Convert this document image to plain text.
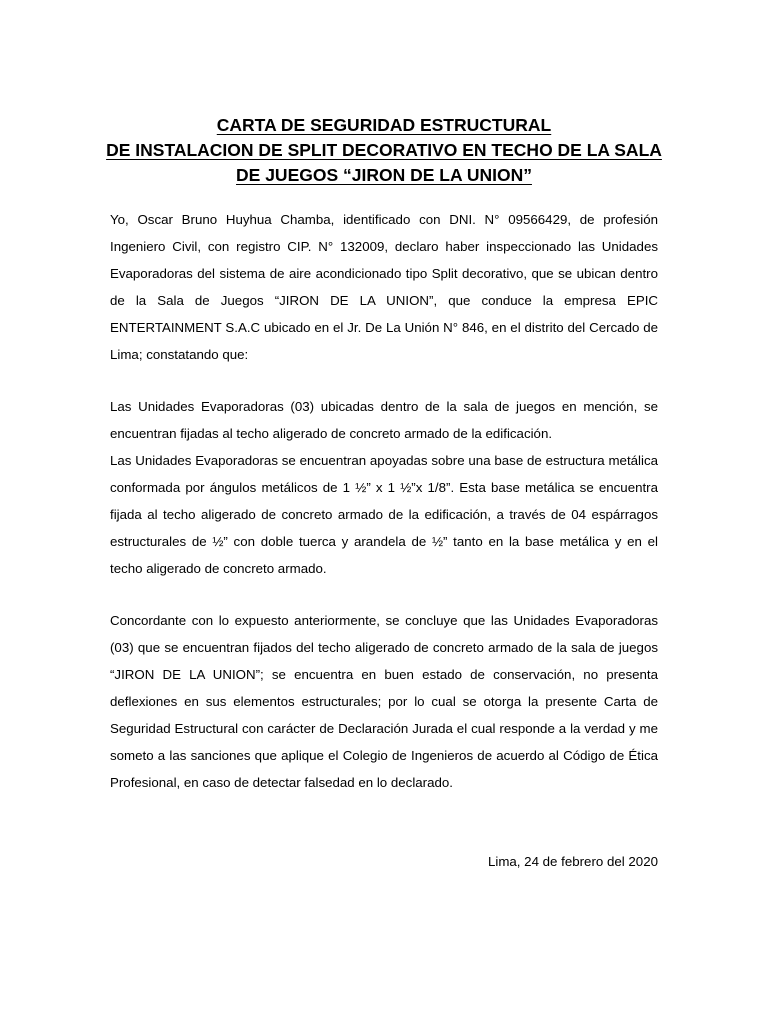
CARTA DE SEGURIDAD ESTRUCTURAL
DE INSTALACION DE SPLIT DECORATIVO EN TECHO DE LA SALA
DE JUEGOS “JIRON DE LA UNION”

Yo, Oscar Bruno Huyhua Chamba, identificado con DNI. N° 09566429, de profesión Ingeniero Civil, con registro CIP. N° 132009, declaro haber inspeccionado las Unidades Evaporadoras del sistema de aire acondicionado tipo Split decorativo, que se ubican dentro de la Sala de Juegos “JIRON DE LA UNION”, que conduce la empresa EPIC ENTERTAINMENT S.A.C ubicado en el Jr. De La Unión N° 846, en el distrito del Cercado de Lima; constatando que:

Las Unidades Evaporadoras (03) ubicadas dentro de la sala de juegos en mención, se encuentran fijadas al techo aligerado de concreto armado de la edificación.

Las Unidades Evaporadoras se encuentran apoyadas sobre una base de estructura metálica conformada por ángulos metálicos de 1 ½” x 1 ½”x 1/8”. Esta base metálica se encuentra fijada al techo aligerado de concreto armado de la edificación, a través de 04 espárragos estructurales de ½” con doble tuerca y arandela de ½” tanto en la base metálica y en el techo aligerado de concreto armado.

Concordante con lo expuesto anteriormente, se concluye que las Unidades Evaporadoras (03) que se encuentran fijados del techo aligerado de concreto armado de la sala de juegos “JIRON DE LA UNION”; se encuentra en buen estado de conservación, no presenta deflexiones en sus elementos estructurales; por lo cual se otorga la presente Carta de Seguridad Estructural con carácter de Declaración Jurada el cual responde a la verdad y me someto a las sanciones que aplique el Colegio de Ingenieros de acuerdo al Código de Ética Profesional, en caso de detectar falsedad en lo declarado.

Lima, 24 de febrero del 2020
